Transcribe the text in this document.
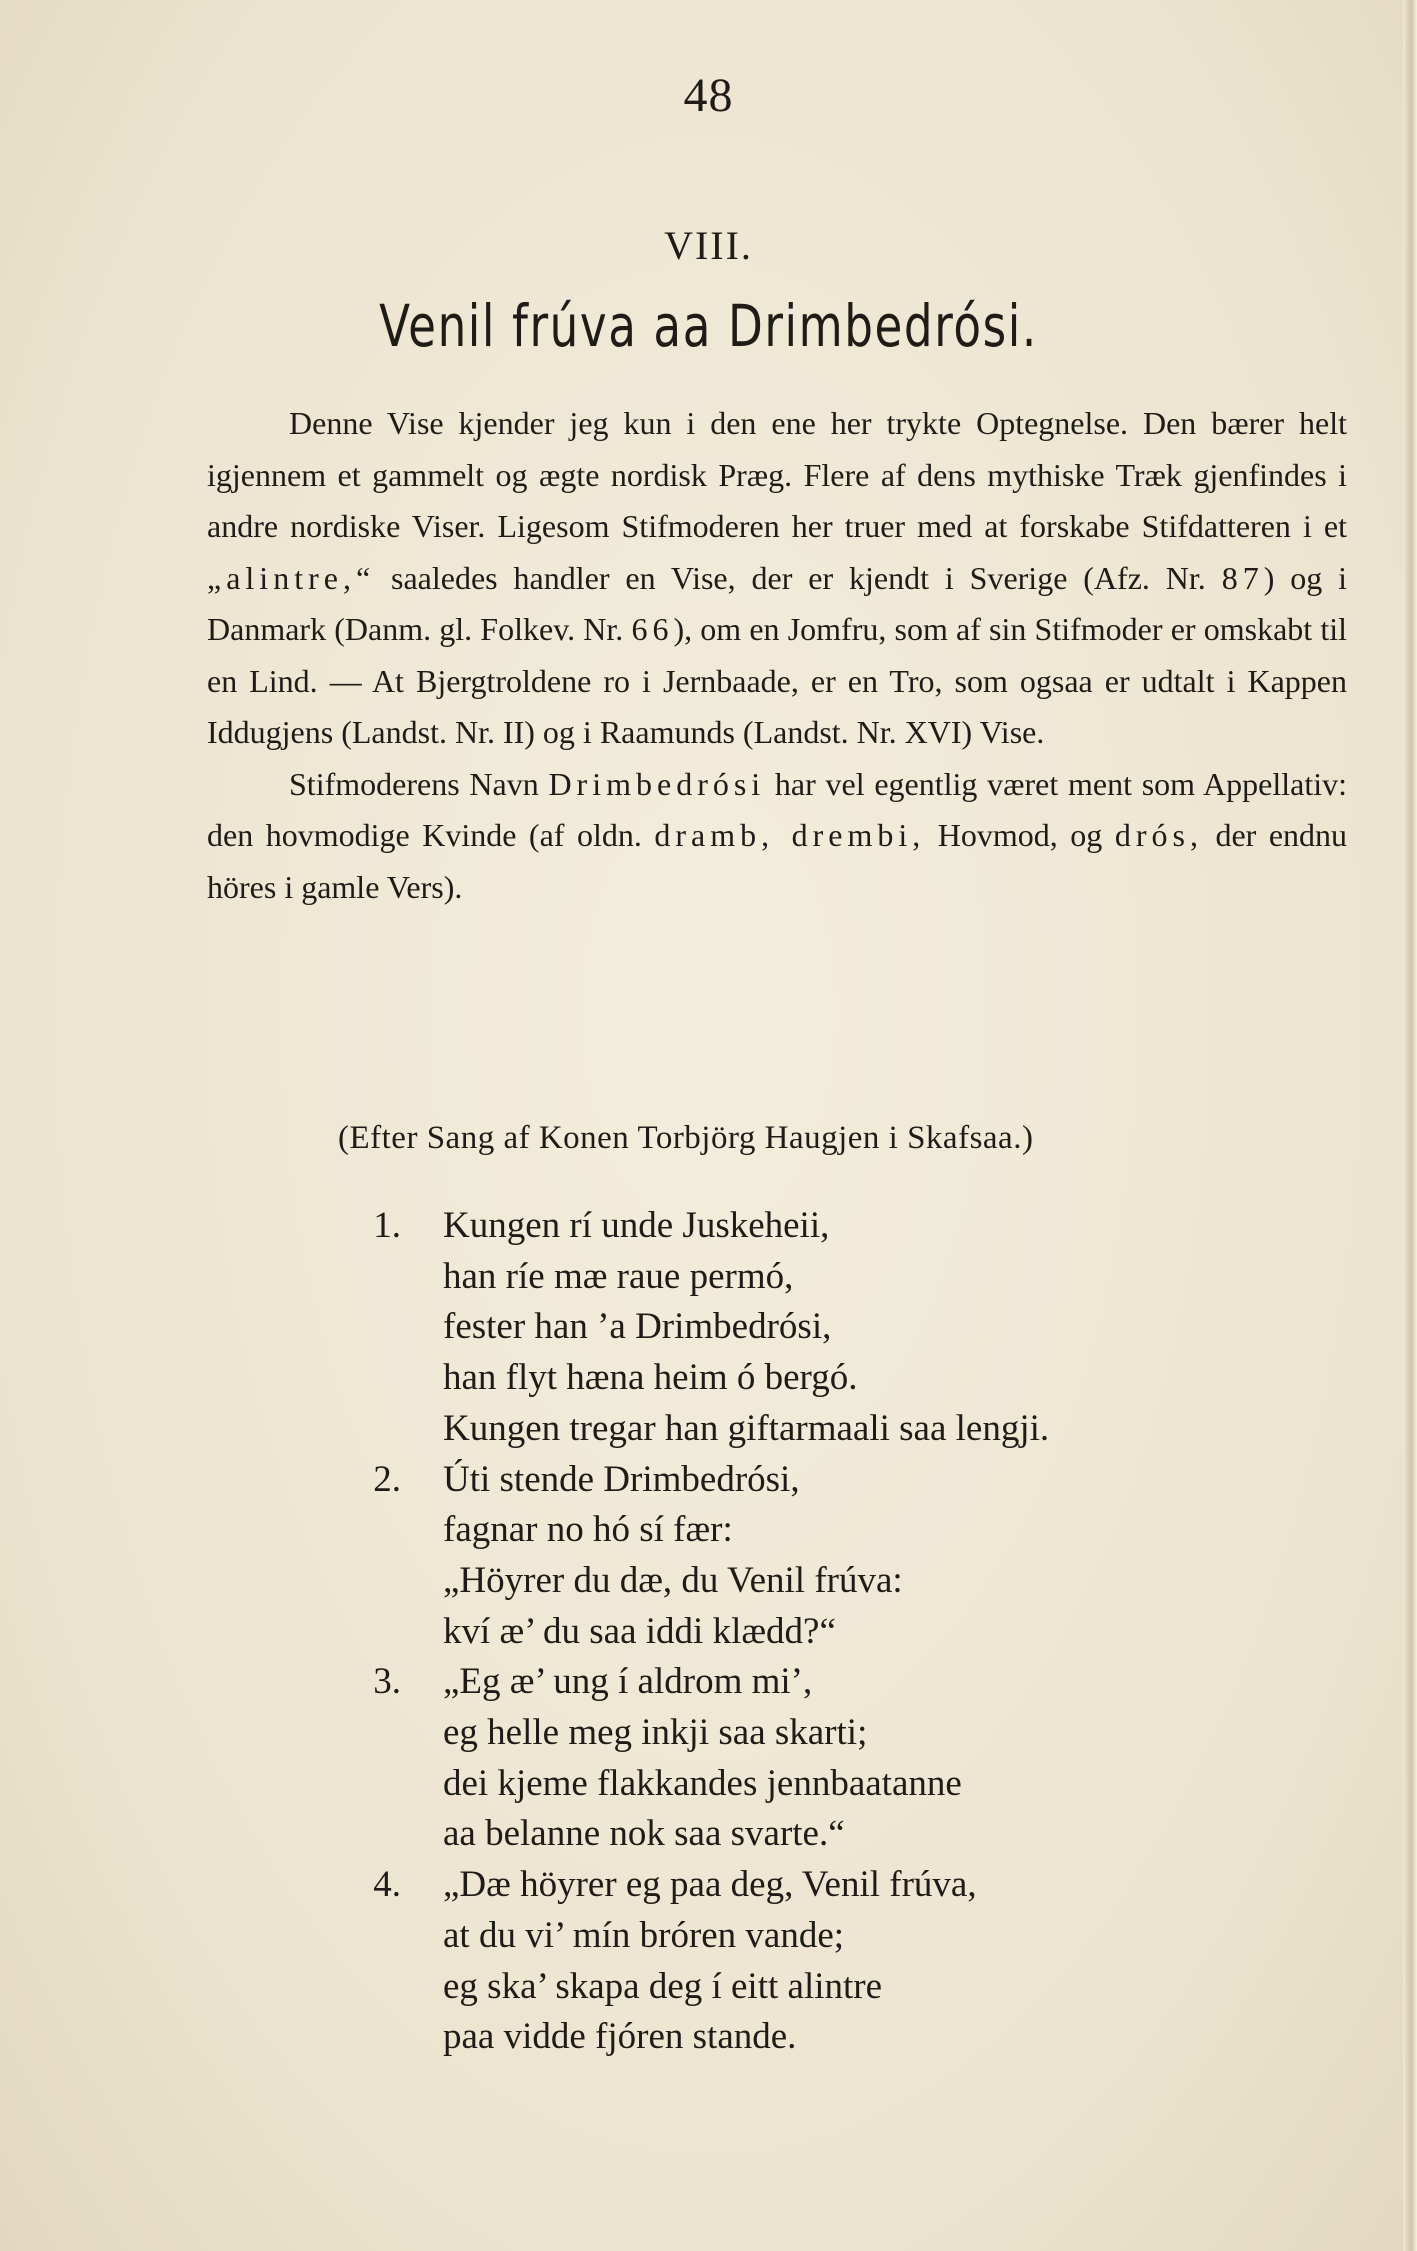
48
VIII.
Venil frúva aa Drimbedrósi.

Denne Vise kjender jeg kun i den ene her trykte Optegnelse. Den bærer helt igjennem et gammelt og ægte nordisk Præg. Flere af dens mythiske Træk gjenfindes i andre nordiske Viser. Ligesom Stifmoderen her truer med at forskabe Stifdatteren i et „alintre,“ saaledes handler en Vise, der er kjendt i Sverige (Afz. Nr. 87) og i Danmark (Danm. gl. Folkev. Nr. 66), om en Jomfru, som af sin Stifmoder er omskabt til en Lind. — At Bjergtroldene ro i Jernbaade, er en Tro, som ogsaa er udtalt i Kappen Iddugjens (Landst. Nr. II) og i Raamunds (Landst. Nr. XVI) Vise.

Stifmoderens Navn Drimbedrósi har vel egentlig været ment som Appellativ: den hovmodige Kvinde (af oldn. dramb, drembi, Hovmod, og drós, der endnu höres i gamle Vers).

(Efter Sang af Konen Torbjörg Haugjen i Skafsaa.)
1.	Kungen rí unde Juskeheii,
han ríe mæ raue permó,
fester han ’a Drimbedrósi,
han flyt hæna heim ó bergó.
Kungen tregar han giftarmaali saa lengji.
2.	Úti stende Drimbedrósi,
fagnar no hó sí fær:
„Höyrer du dæ, du Venil frúva:
kví æ’ du saa iddi klædd?“
3.	„Eg æ’ ung í aldrom mi’,
eg helle meg inkji saa skarti;
dei kjeme flakkandes jennbaatanne
aa belanne nok saa svarte.“
4.	„Dæ höyrer eg paa deg, Venil frúva,
at du vi’ mín bróren vande;
eg ska’ skapa deg í eitt alintre
paa vidde fjóren stande.
